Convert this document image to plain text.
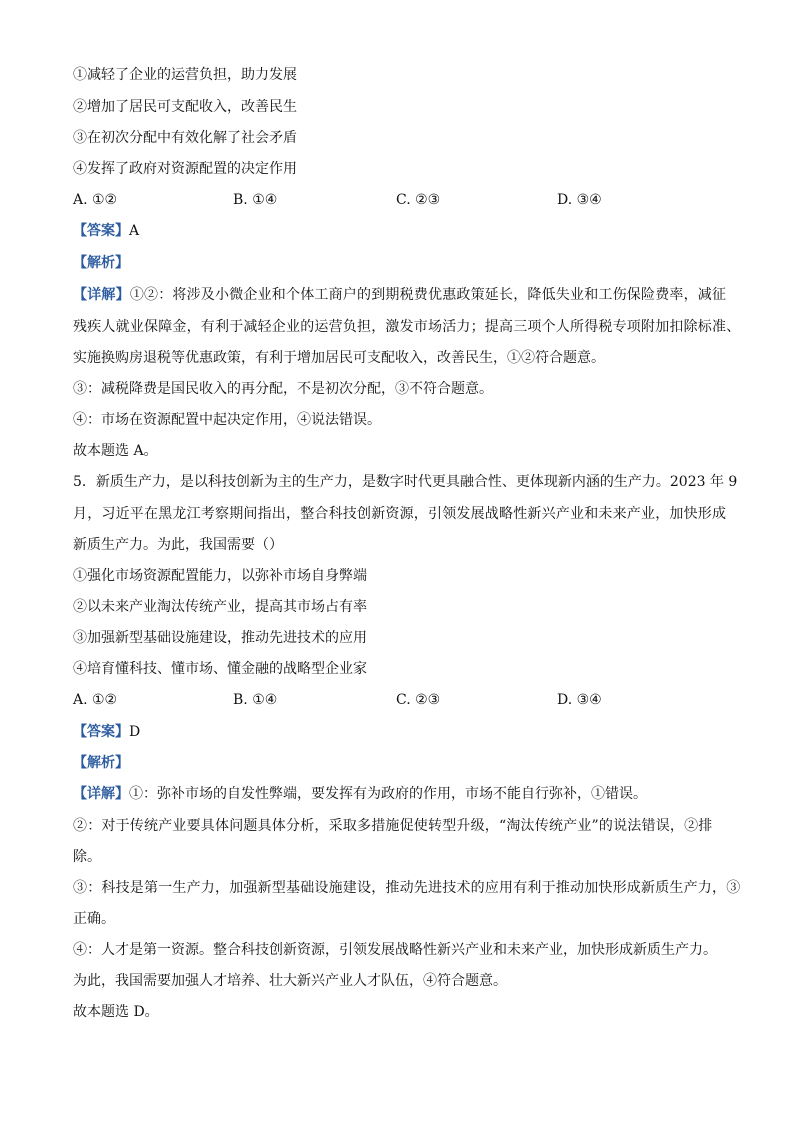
①减轻了企业的运营负担，助力发展
②增加了居民可支配收入，改善民生
③在初次分配中有效化解了社会矛盾
④发挥了政府对资源配置的决定作用
A. ①②	B. ①④	C. ②③	D. ③④
【答案】A
【解析】
【详解】①②：将涉及小微企业和个体工商户的到期税费优惠政策延长，降低失业和工伤保险费率，减征
残疾人就业保障金，有利于减轻企业的运营负担，激发市场活力；提高三项个人所得税专项附加扣除标准、
实施换购房退税等优惠政策，有利于增加居民可支配收入，改善民生，①②符合题意。
③：减税降费是国民收入的再分配，不是初次分配，③不符合题意。
④：市场在资源配置中起决定作用，④说法错误。
故本题选 A。
5．新质生产力，是以科技创新为主的生产力，是数字时代更具融合性、更体现新内涵的生产力。2023 年 9
月，习近平在黑龙江考察期间指出，整合科技创新资源，引领发展战略性新兴产业和未来产业，加快形成
新质生产力。为此，我国需要（）
①强化市场资源配置能力，以弥补市场自身弊端
②以未来产业淘汰传统产业，提高其市场占有率
③加强新型基础设施建设，推动先进技术的应用
④培育懂科技、懂市场、懂金融的战略型企业家
A. ①②	B. ①④	C. ②③	D. ③④
【答案】D
【解析】
【详解】①：弥补市场的自发性弊端，要发挥有为政府的作用，市场不能自行弥补，①错误。
②：对于传统产业要具体问题具体分析，采取多措施促使转型升级，“淘汰传统产业”的说法错误，②排
除。
③：科技是第一生产力，加强新型基础设施建设，推动先进技术的应用有利于推动加快形成新质生产力，③
正确。
④：人才是第一资源。整合科技创新资源，引领发展战略性新兴产业和未来产业，加快形成新质生产力。
为此，我国需要加强人才培养、壮大新兴产业人才队伍，④符合题意。
故本题选 D。
